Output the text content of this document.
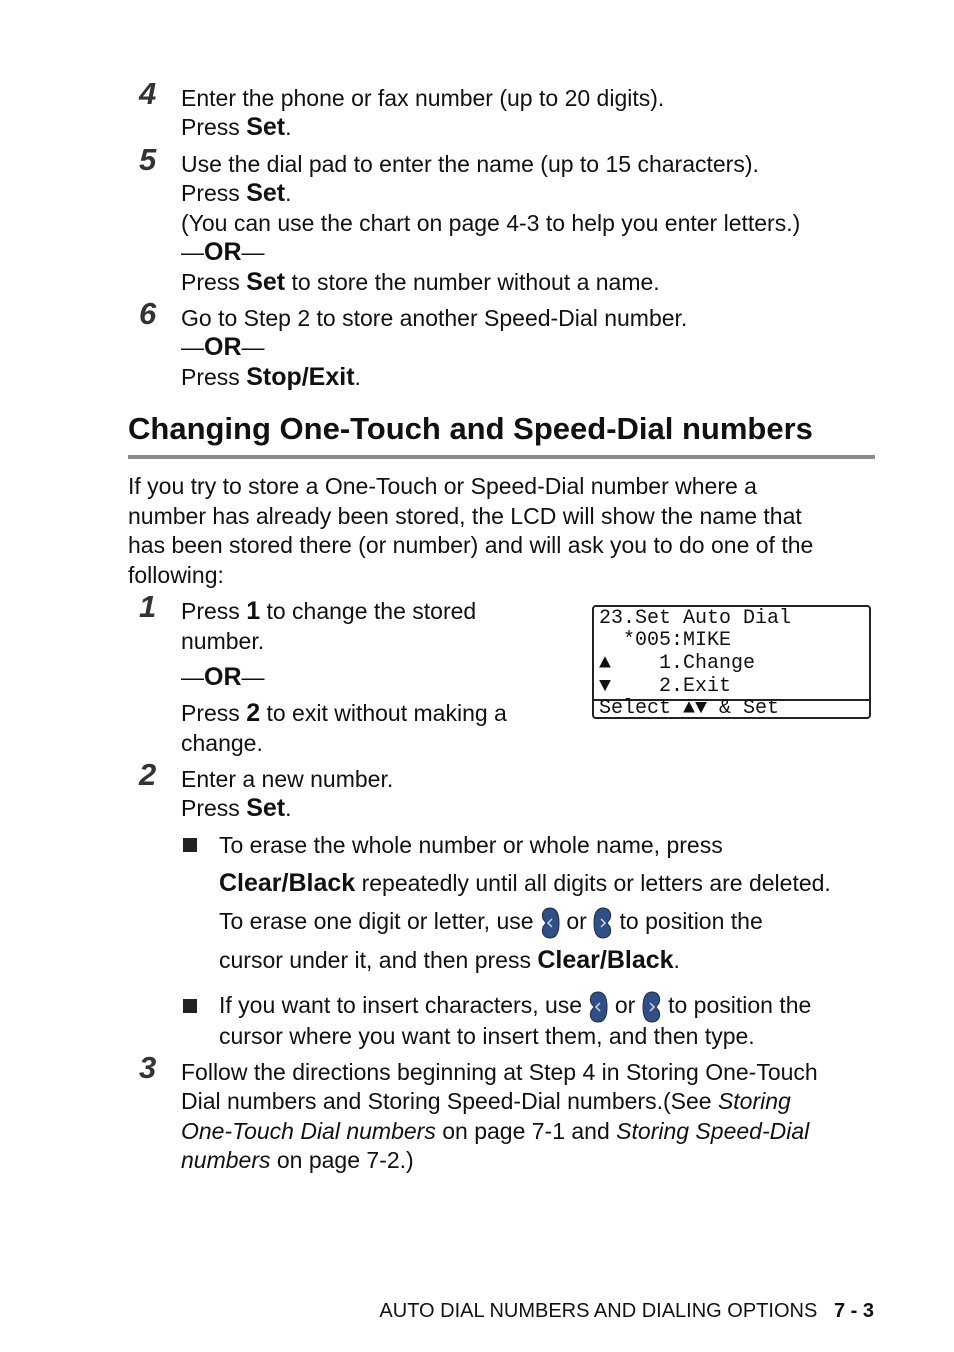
4 Enter the phone or fax number (up to 20 digits).
Press Set.
5 Use the dial pad to enter the name (up to 15 characters).
Press Set.
(You can use the chart on page 4-3 to help you enter letters.)
—OR—
Press Set to store the number without a name.
6 Go to Step 2 to store another Speed-Dial number.
—OR—
Press Stop/Exit.
Changing One-Touch and Speed-Dial numbers
If you try to store a One-Touch or Speed-Dial number where a
number has already been stored, the LCD will show the name that
has been stored there (or number) and will ask you to do one of the
following:
1 Press 1 to change the stored
number.
—OR—
Press 2 to exit without making a
change.
23.Set Auto Dial
*005:MIKE
▲    1.Change
▼    2.Exit
Select ▲▼ & Set
2 Enter a new number.
Press Set.
To erase the whole number or whole name, press
Clear/Black repeatedly until all digits or letters are deleted.
To erase one digit or letter, use  or  to position the
cursor under it, and then press Clear/Black.
If you want to insert characters, use  or  to position the
cursor where you want to insert them, and then type.
3 Follow the directions beginning at Step 4 in Storing One-Touch
Dial numbers and Storing Speed-Dial numbers.(See Storing
One-Touch Dial numbers on page 7-1 and Storing Speed-Dial
numbers on page 7-2.)
AUTO DIAL NUMBERS AND DIALING OPTIONS 7 - 3
